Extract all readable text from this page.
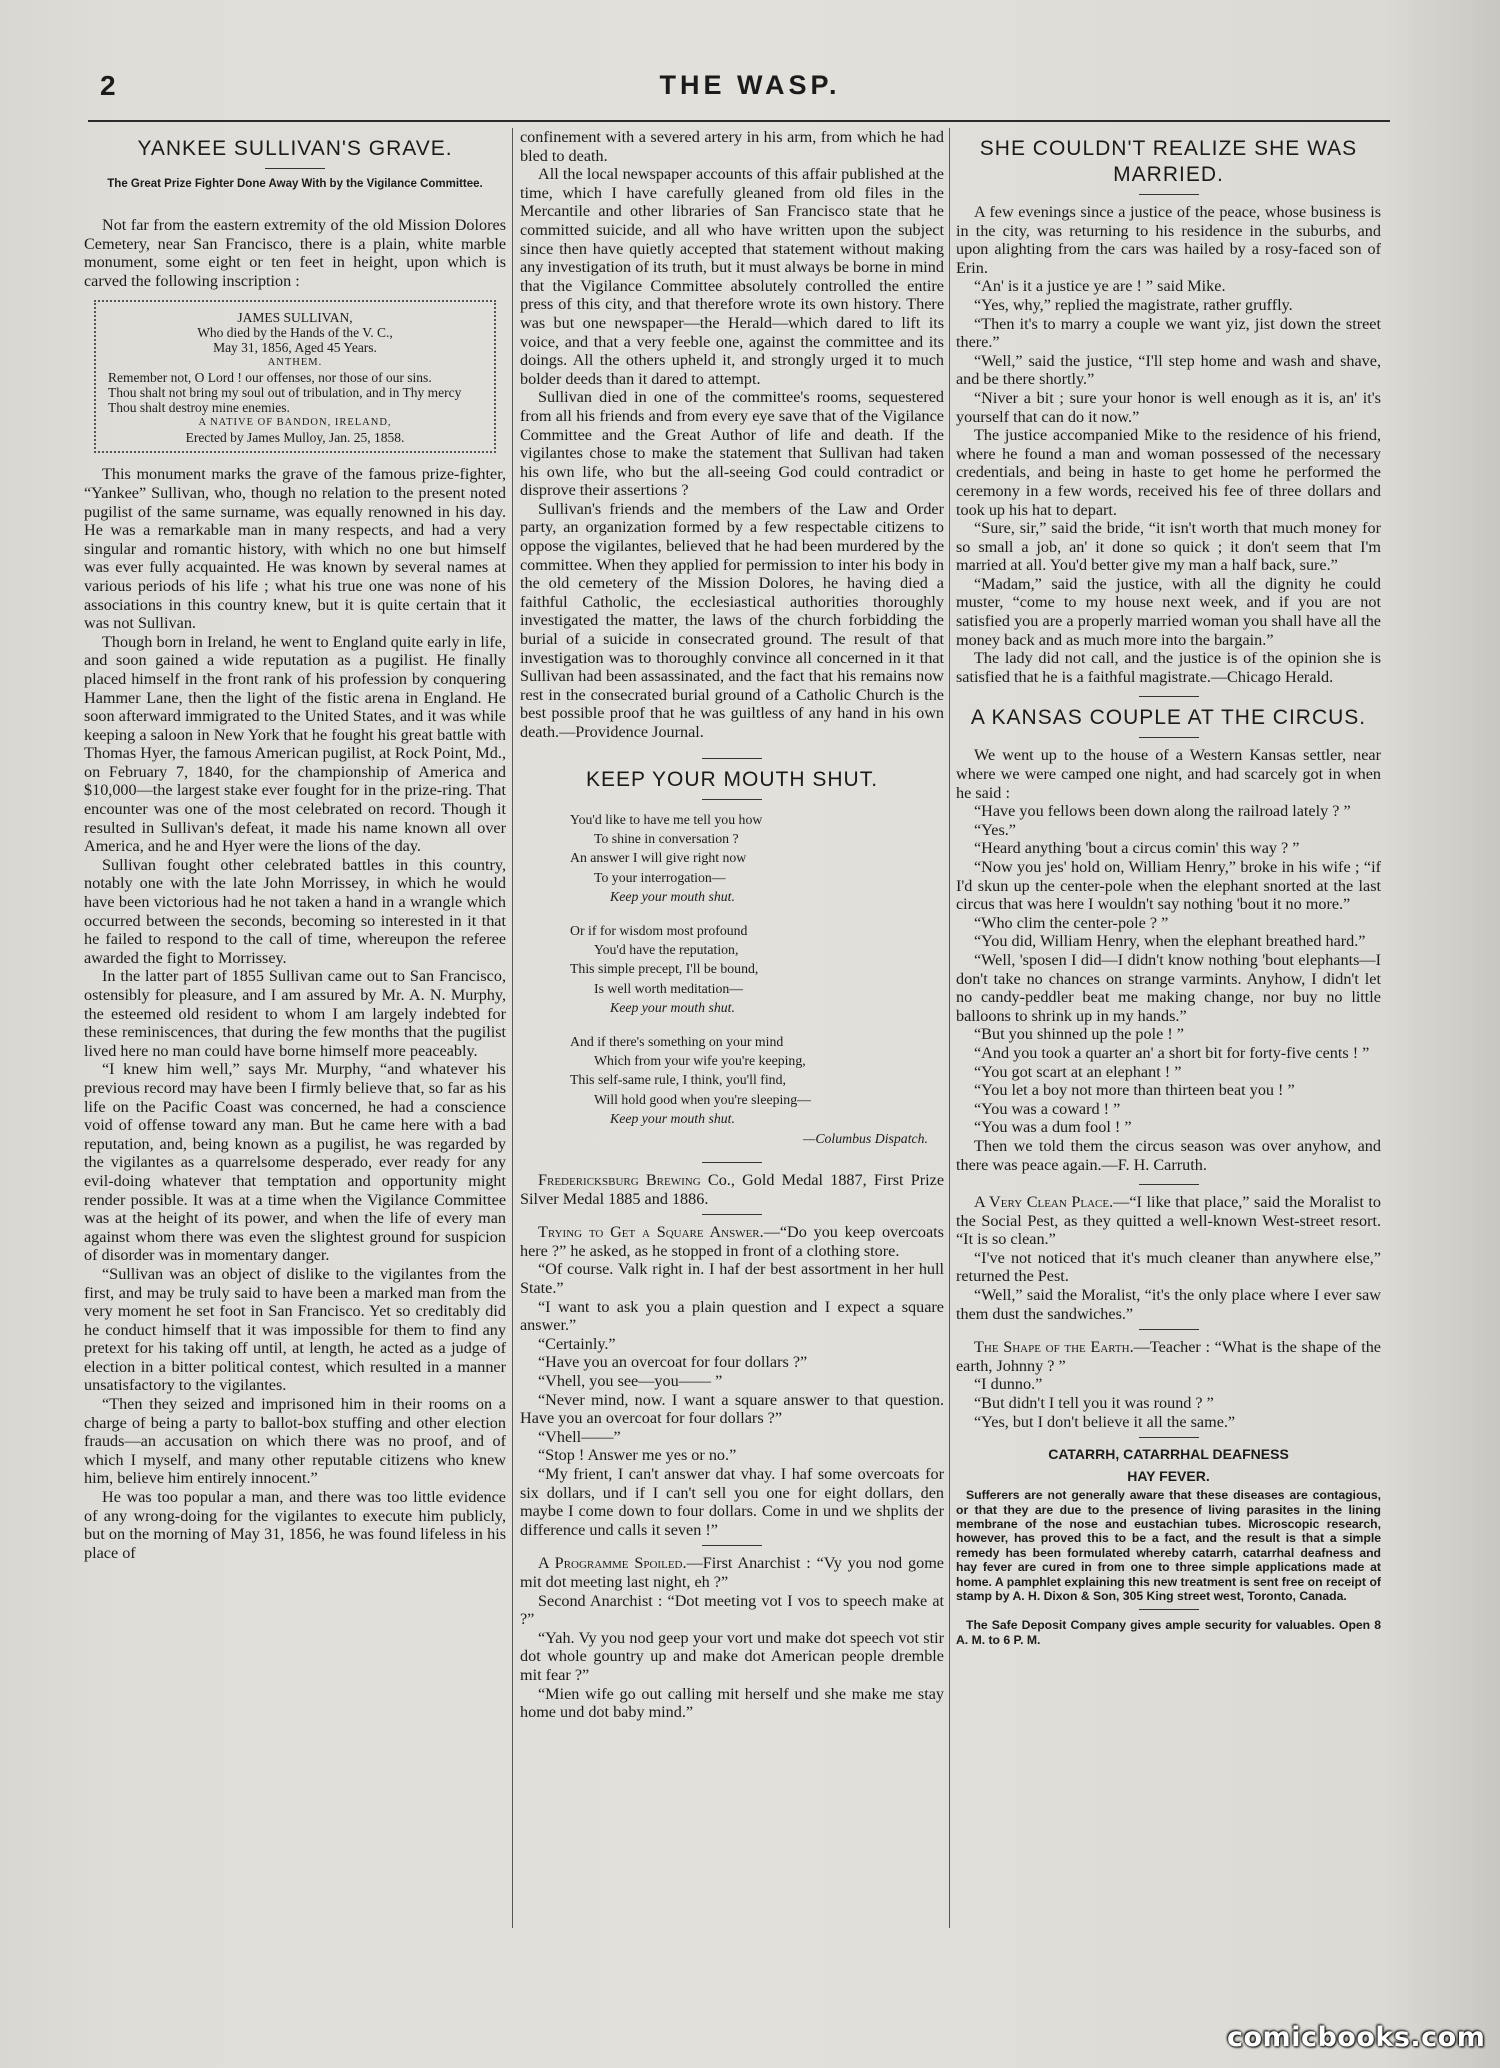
2	THE WASP.
YANKEE SULLIVAN'S GRAVE.
The Great Prize Fighter Done Away With by the Vigilance Committee.

Not far from the eastern extremity of the old Mission Dolores Cemetery, near San Francisco, there is a plain, white marble monument, some eight or ten feet in height, upon which is carved the following inscription :

JAMES SULLIVAN,
Who died by the Hands of the V. C.,
May 31, 1856, Aged 45 Years.
ANTHEM.
Remember not, O Lord ! our offenses, nor those of our sins.
Thou shalt not bring my soul out of tribulation, and in Thy mercy Thou shalt destroy mine enemies.
A NATIVE OF BANDON, IRELAND,
Erected by James Mulloy, Jan. 25, 1858.

This monument marks the grave of the famous prize-fighter, “Yankee” Sullivan, who, though no relation to the present noted pugilist of the same surname, was equally renowned in his day. He was a remarkable man in many respects, and had a very singular and romantic history, with which no one but himself was ever fully acquainted. He was known by several names at various periods of his life ; what his true one was none of his associations in this country knew, but it is quite certain that it was not Sullivan.

Though born in Ireland, he went to England quite early in life, and soon gained a wide reputation as a pugilist. He finally placed himself in the front rank of his profession by conquering Hammer Lane, then the light of the fistic arena in England. He soon afterward immigrated to the United States, and it was while keeping a saloon in New York that he fought his great battle with Thomas Hyer, the famous American pugilist, at Rock Point, Md., on February 7, 1840, for the championship of America and $10,000—the largest stake ever fought for in the prize-ring. That encounter was one of the most celebrated on record. Though it resulted in Sullivan's defeat, it made his name known all over America, and he and Hyer were the lions of the day.

Sullivan fought other celebrated battles in this country, notably one with the late John Morrissey, in which he would have been victorious had he not taken a hand in a wrangle which occurred between the seconds, becoming so interested in it that he failed to respond to the call of time, whereupon the referee awarded the fight to Morrissey.

In the latter part of 1855 Sullivan came out to San Francisco, ostensibly for pleasure, and I am assured by Mr. A. N. Murphy, the esteemed old resident to whom I am largely indebted for these reminiscences, that during the few months that the pugilist lived here no man could have borne himself more peaceably.

“I knew him well,” says Mr. Murphy, “and whatever his previous record may have been I firmly believe that, so far as his life on the Pacific Coast was concerned, he had a conscience void of offense toward any man. But he came here with a bad reputation, and, being known as a pugilist, he was regarded by the vigilantes as a quarrelsome desperado, ever ready for any evil-doing whatever that temptation and opportunity might render possible. It was at a time when the Vigilance Committee was at the height of its power, and when the life of every man against whom there was even the slightest ground for suspicion of disorder was in momentary danger.

“Sullivan was an object of dislike to the vigilantes from the first, and may be truly said to have been a marked man from the very moment he set foot in San Francisco. Yet so creditably did he conduct himself that it was impossible for them to find any pretext for his taking off until, at length, he acted as a judge of election in a bitter political contest, which resulted in a manner unsatisfactory to the vigilantes.

“Then they seized and imprisoned him in their rooms on a charge of being a party to ballot-box stuffing and other election frauds—an accusation on which there was no proof, and of which I myself, and many other reputable citizens who knew him, believe him entirely innocent.”

He was too popular a man, and there was too little evidence of any wrong-doing for the vigilantes to execute him publicly, but on the morning of May 31, 1856, he was found lifeless in his place of

confinement with a severed artery in his arm, from which he had bled to death.

All the local newspaper accounts of this affair published at the time, which I have carefully gleaned from old files in the Mercantile and other libraries of San Francisco state that he committed suicide, and all who have written upon the subject since then have quietly accepted that statement without making any investigation of its truth, but it must always be borne in mind that the Vigilance Committee absolutely controlled the entire press of this city, and that therefore wrote its own history. There was but one newspaper—the Herald—which dared to lift its voice, and that a very feeble one, against the committee and its doings. All the others upheld it, and strongly urged it to much bolder deeds than it dared to attempt.

Sullivan died in one of the committee's rooms, sequestered from all his friends and from every eye save that of the Vigilance Committee and the Great Author of life and death. If the vigilantes chose to make the statement that Sullivan had taken his own life, who but the all-seeing God could contradict or disprove their assertions ?

Sullivan's friends and the members of the Law and Order party, an organization formed by a few respectable citizens to oppose the vigilantes, believed that he had been murdered by the committee. When they applied for permission to inter his body in the old cemetery of the Mission Dolores, he having died a faithful Catholic, the ecclesiastical authorities thoroughly investigated the matter, the laws of the church forbidding the burial of a suicide in consecrated ground. The result of that investigation was to thoroughly convince all concerned in it that Sullivan had been assassinated, and the fact that his remains now rest in the consecrated burial ground of a Catholic Church is the best possible proof that he was guiltless of any hand in his own death.—Providence Journal.

KEEP YOUR MOUTH SHUT.
You'd like to have me tell you how
To shine in conversation ?
An answer I will give right now
To your interrogation—
Keep your mouth shut.
Or if for wisdom most profound
You'd have the reputation,
This simple precept, I'll be bound,
Is well worth meditation—
Keep your mouth shut.
And if there's something on your mind
Which from your wife you're keeping,
This self-same rule, I think, you'll find,
Will hold good when you're sleeping—
Keep your mouth shut.
—Columbus Dispatch.

Fredericksburg Brewing Co., Gold Medal 1887, First Prize Silver Medal 1885 and 1886.

Trying to Get a Square Answer.—“Do you keep overcoats here ?” he asked, as he stopped in front of a clothing store.

“Of course. Valk right in. I haf der best assortment in her hull State.”

“I want to ask you a plain question and I expect a square answer.”

“Certainly.”

“Have you an overcoat for four dollars ?”

“Vhell, you see—you—— ”

“Never mind, now. I want a square answer to that question. Have you an overcoat for four dollars ?”

“Vhell——”

“Stop ! Answer me yes or no.”

“My frient, I can't answer dat vhay. I haf some overcoats for six dollars, und if I can't sell you one for eight dollars, den maybe I come down to four dollars. Come in und we shplits der difference und calls it seven !”

A Programme Spoiled.—First Anarchist : “Vy you nod gome mit dot meeting last night, eh ?”

Second Anarchist : “Dot meeting vot I vos to speech make at ?”

“Yah. Vy you nod geep your vort und make dot speech vot stir dot whole gountry up and make dot American people dremble mit fear ?”

“Mien wife go out calling mit herself und she make me stay home und dot baby mind.”

SHE COULDN'T REALIZE SHE WAS MARRIED.

A few evenings since a justice of the peace, whose business is in the city, was returning to his residence in the suburbs, and upon alighting from the cars was hailed by a rosy-faced son of Erin.

“An' is it a justice ye are ! ” said Mike.

“Yes, why,” replied the magistrate, rather gruffly.

“Then it's to marry a couple we want yiz, jist down the street there.”

“Well,” said the justice, “I'll step home and wash and shave, and be there shortly.”

“Niver a bit ; sure your honor is well enough as it is, an' it's yourself that can do it now.”

The justice accompanied Mike to the residence of his friend, where he found a man and woman possessed of the necessary credentials, and being in haste to get home he performed the ceremony in a few words, received his fee of three dollars and took up his hat to depart.

“Sure, sir,” said the bride, “it isn't worth that much money for so small a job, an' it done so quick ; it don't seem that I'm married at all. You'd better give my man a half back, sure.”

“Madam,” said the justice, with all the dignity he could muster, “come to my house next week, and if you are not satisfied you are a properly married woman you shall have all the money back and as much more into the bargain.”

The lady did not call, and the justice is of the opinion she is satisfied that he is a faithful magistrate.—Chicago Herald.

A KANSAS COUPLE AT THE CIRCUS.

We went up to the house of a Western Kansas settler, near where we were camped one night, and had scarcely got in when he said :

“Have you fellows been down along the railroad lately ? ”

“Yes.”

“Heard anything 'bout a circus comin' this way ? ”

“Now you jes' hold on, William Henry,” broke in his wife ; “if I'd skun up the center-pole when the elephant snorted at the last circus that was here I wouldn't say nothing 'bout it no more.”

“Who clim the center-pole ? ”

“You did, William Henry, when the elephant breathed hard.”

“Well, 'sposen I did—I didn't know nothing 'bout elephants—I don't take no chances on strange varmints. Anyhow, I didn't let no candy-peddler beat me making change, nor buy no little balloons to shrink up in my hands.”

“But you shinned up the pole ! ”

“And you took a quarter an' a short bit for forty-five cents ! ”

“You got scart at an elephant ! ”

“You let a boy not more than thirteen beat you ! ”

“You was a coward ! ”

“You was a dum fool ! ”

Then we told them the circus season was over anyhow, and there was peace again.—F. H. Carruth.

A Very Clean Place.—“I like that place,” said the Moralist to the Social Pest, as they quitted a well-known West-street resort. “It is so clean.”

“I've not noticed that it's much cleaner than anywhere else,” returned the Pest.

“Well,” said the Moralist, “it's the only place where I ever saw them dust the sandwiches.”

The Shape of the Earth.—Teacher : “What is the shape of the earth, Johnny ? ”

“I dunno.”

“But didn't I tell you it was round ? ”

“Yes, but I don't believe it all the same.”

CATARRH, CATARRHAL DEAFNESS
HAY FEVER.

Sufferers are not generally aware that these diseases are contagious, or that they are due to the presence of living parasites in the lining membrane of the nose and eustachian tubes. Microscopic research, however, has proved this to be a fact, and the result is that a simple remedy has been formulated whereby catarrh, catarrhal deafness and hay fever are cured in from one to three simple applications made at home. A pamphlet explaining this new treatment is sent free on receipt of stamp by A. H. Dixon & Son, 305 King street west, Toronto, Canada.

The Safe Deposit Company gives ample security for valuables. Open 8 A. M. to 6 P. M.

comicbooks.com
